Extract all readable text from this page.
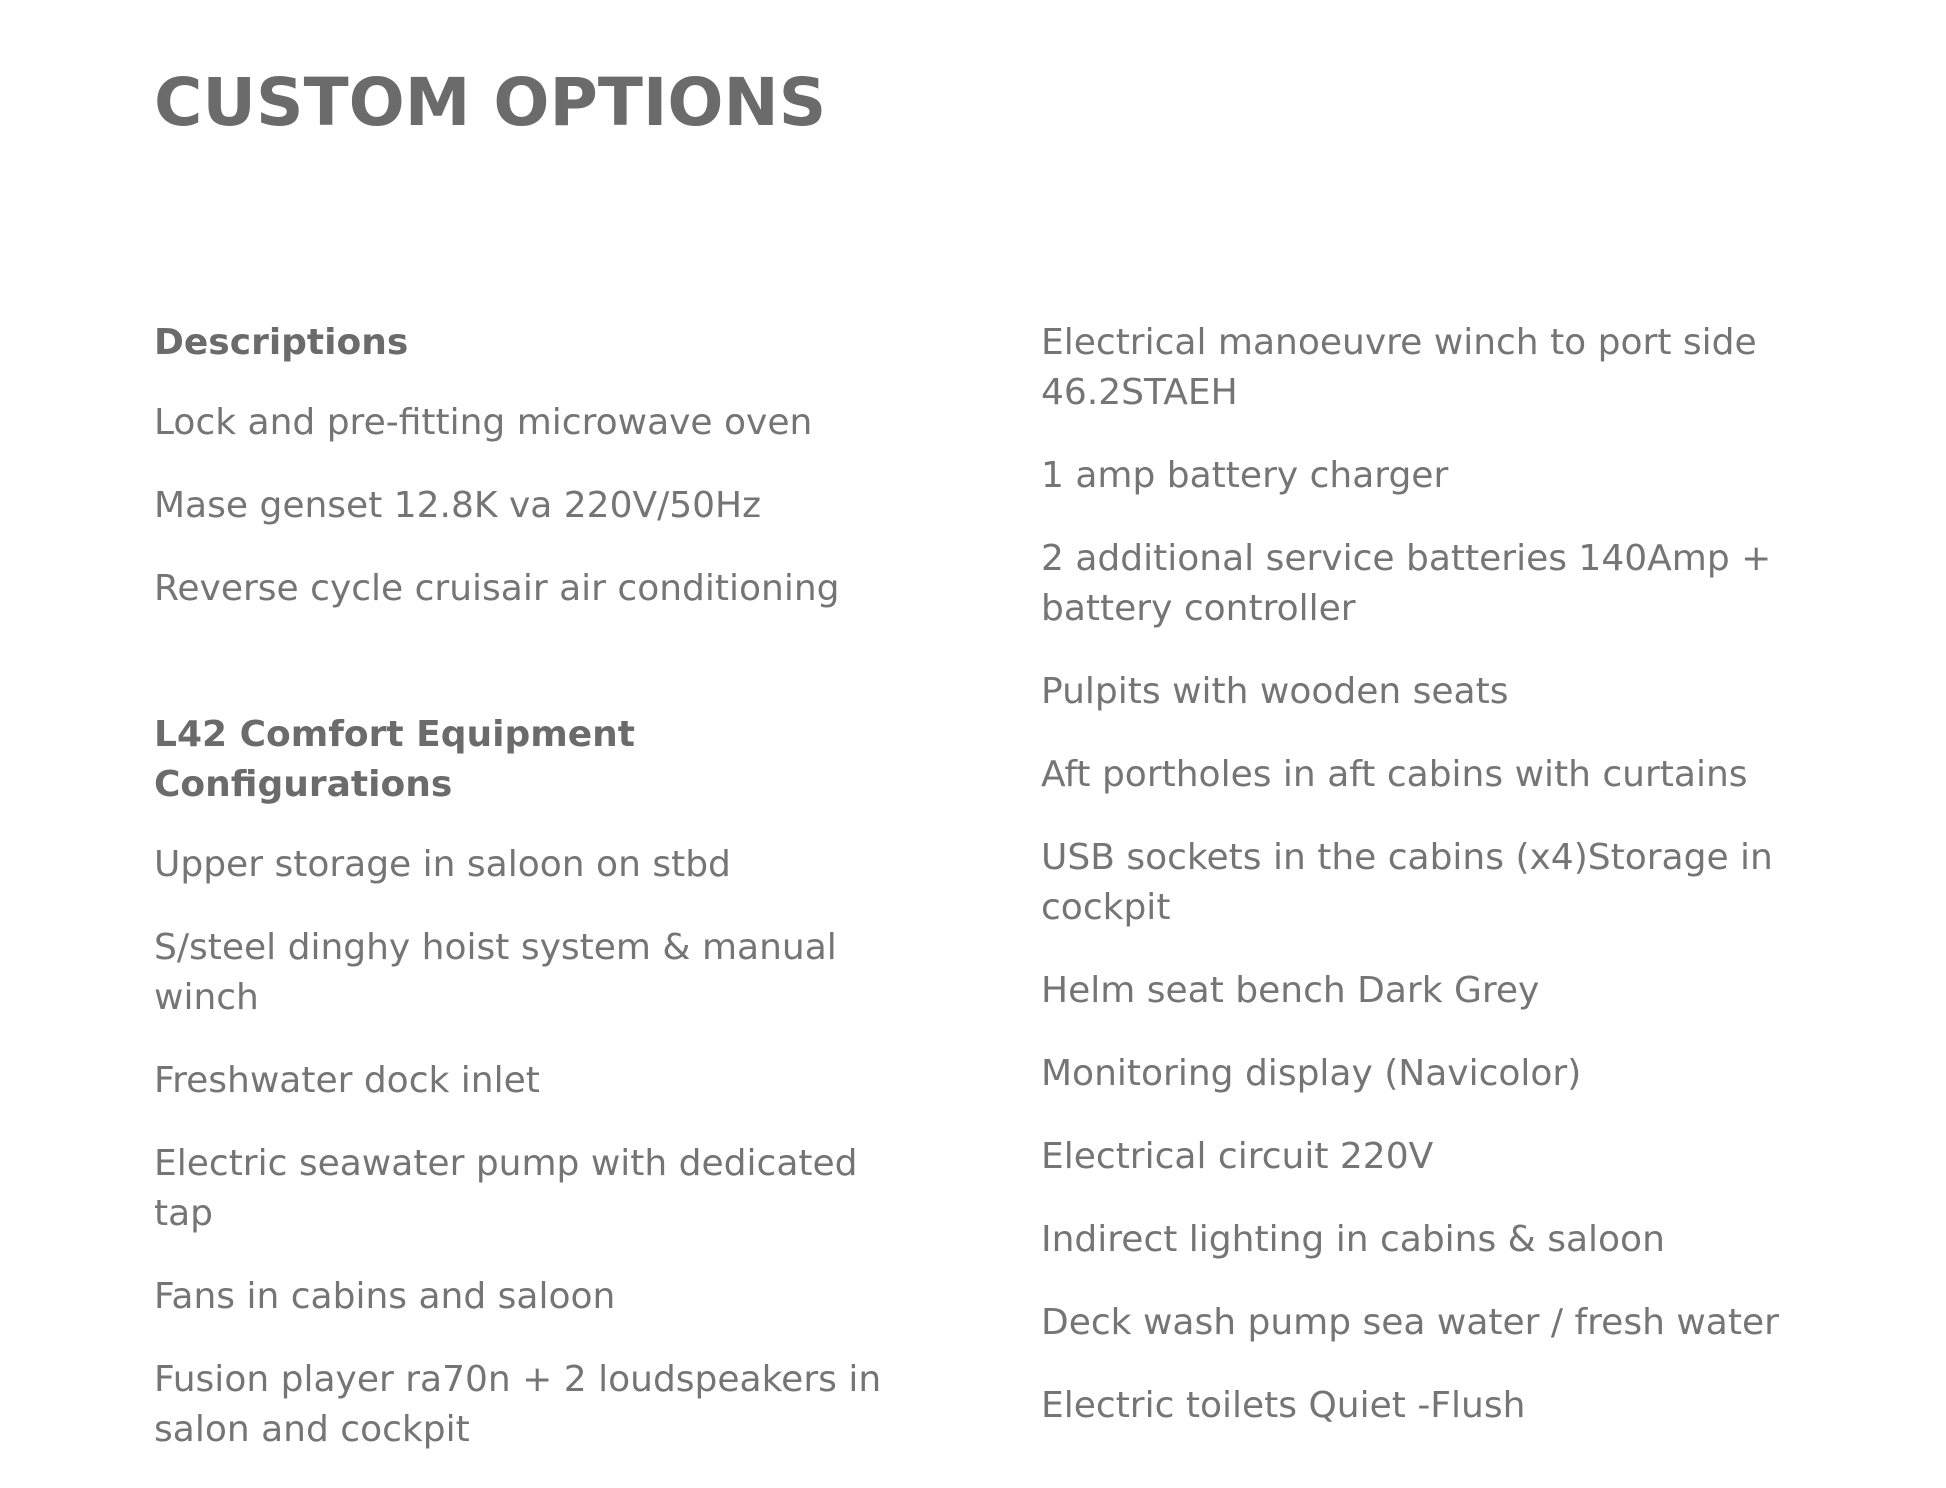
CUSTOM OPTIONS
Descriptions
Lock and pre-fitting microwave oven
Mase genset 12.8K va 220V/50Hz
Reverse cycle cruisair air conditioning
L42 Comfort Equipment Configurations
Upper storage in saloon on stbd
S/steel dinghy hoist system & manual winch
Freshwater dock inlet
Electric seawater pump with dedicated tap
Fans in cabins and saloon
Fusion player ra70n + 2 loudspeakers in salon and cockpit
Electrical manoeuvre winch to port side 46.2STAEH
1 amp battery charger
2 additional service batteries 140Amp + battery controller
Pulpits with wooden seats
Aft portholes in aft cabins with curtains
USB sockets in the cabins (x4)Storage in cockpit
Helm seat bench Dark Grey
Monitoring display (Navicolor)
Electrical circuit 220V
Indirect lighting in cabins & saloon
Deck wash pump sea water / fresh water
Electric toilets Quiet -Flush
